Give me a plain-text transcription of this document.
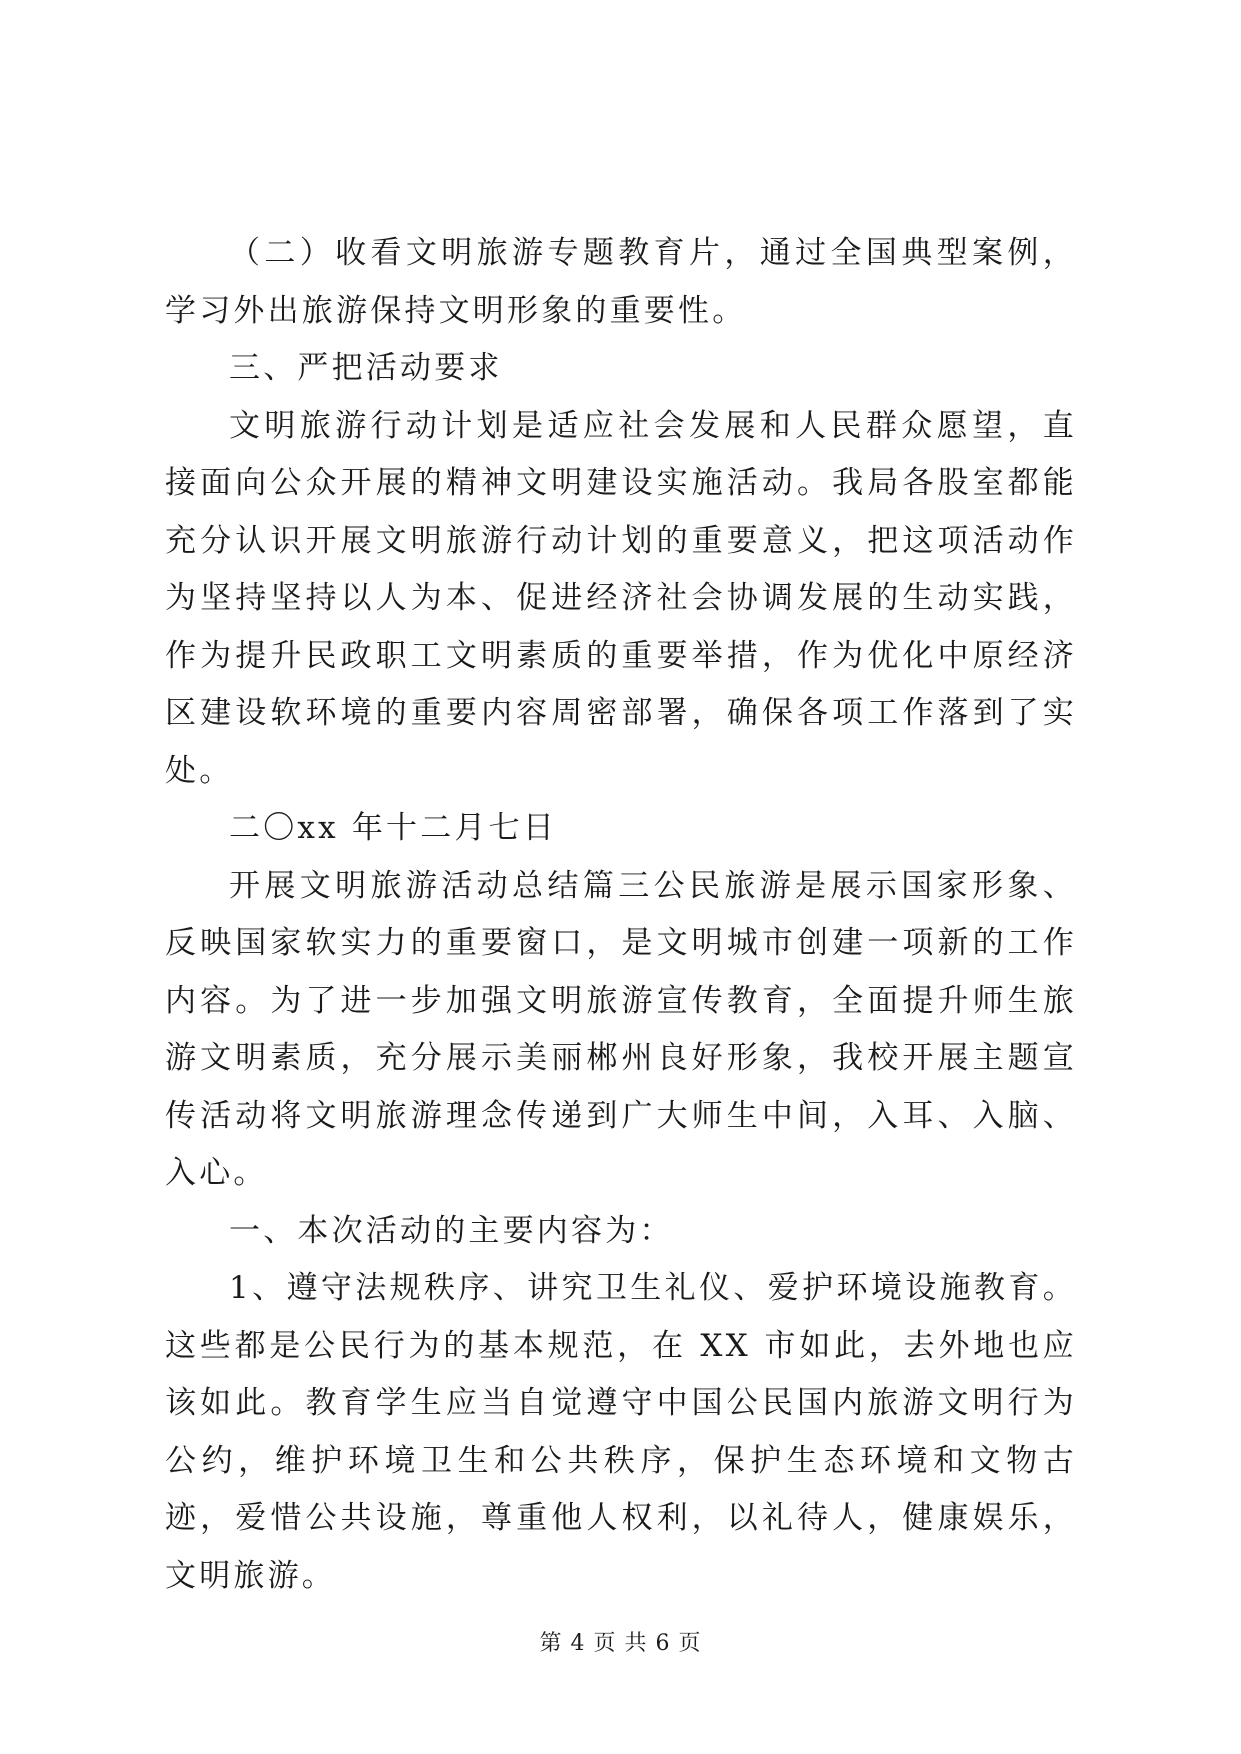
（二）收看文明旅游专题教育片，通过全国典型案例，学习外出旅游保持文明形象的重要性。

三、严把活动要求

文明旅游行动计划是适应社会发展和人民群众愿望，直接面向公众开展的精神文明建设实施活动。我局各股室都能充分认识开展文明旅游行动计划的重要意义，把这项活动作为坚持坚持以人为本、促进经济社会协调发展的生动实践，作为提升民政职工文明素质的重要举措，作为优化中原经济区建设软环境的重要内容周密部署，确保各项工作落到了实处。

二〇xx 年十二月七日

开展文明旅游活动总结篇三公民旅游是展示国家形象、反映国家软实力的重要窗口，是文明城市创建一项新的工作内容。为了进一步加强文明旅游宣传教育，全面提升师生旅游文明素质，充分展示美丽郴州良好形象，我校开展主题宣传活动将文明旅游理念传递到广大师生中间，入耳、入脑、入心。

一、本次活动的主要内容为：

1、遵守法规秩序、讲究卫生礼仪、爱护环境设施教育。这些都是公民行为的基本规范，在 XX 市如此，去外地也应该如此。教育学生应当自觉遵守中国公民国内旅游文明行为公约，维护环境卫生和公共秩序，保护生态环境和文物古迹，爱惜公共设施，尊重他人权利，以礼待人，健康娱乐，文明旅游。

第 4 页 共 6 页
